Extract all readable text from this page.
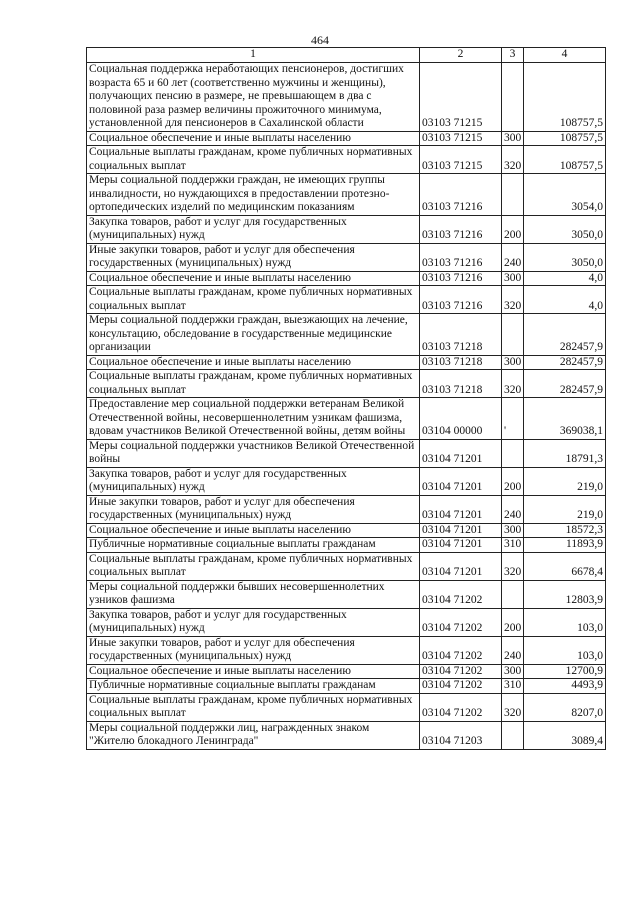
464
1	2	3	4
Социальная поддержка неработающих пенсионеров, достигших возраста 65 и 60 лет (соответственно мужчины и женщины), получающих пенсию в размере, не превышающем в два с половиной раза размер величины прожиточного минимума, установленной для пенсионеров в Сахалинской области	03103 71215		108757,5
Социальное обеспечение и иные выплаты населению	03103 71215	300	108757,5
Социальные выплаты гражданам, кроме публичных нормативных социальных выплат	03103 71215	320	108757,5
Меры социальной поддержки граждан, не имеющих группы инвалидности, но нуждающихся в предоставлении протезно-ортопедических изделий по медицинским показаниям	03103 71216		3054,0
Закупка товаров, работ и услуг для государственных (муниципальных) нужд	03103 71216	200	3050,0
Иные закупки товаров, работ и услуг для обеспечения государственных (муниципальных) нужд	03103 71216	240	3050,0
Социальное обеспечение и иные выплаты населению	03103 71216	300	4,0
Социальные выплаты гражданам, кроме публичных нормативных социальных выплат	03103 71216	320	4,0
Меры социальной поддержки граждан, выезжающих на лечение, консультацию, обследование в государственные медицинские организации	03103 71218		282457,9
Социальное обеспечение и иные выплаты населению	03103 71218	300	282457,9
Социальные выплаты гражданам, кроме публичных нормативных социальных выплат	03103 71218	320	282457,9
Предоставление мер социальной поддержки ветеранам Великой Отечественной войны, несовершеннолетним узникам фашизма, вдовам участников Великой Отечественной войны, детям войны	03104 00000	'	369038,1
Меры социальной поддержки участников Великой Отечественной войны	03104 71201		18791,3
Закупка товаров, работ и услуг для государственных (муниципальных) нужд	03104 71201	200	219,0
Иные закупки товаров, работ и услуг для обеспечения государственных (муниципальных) нужд	03104 71201	240	219,0
Социальное обеспечение и иные выплаты населению	03104 71201	300	18572,3
Публичные нормативные социальные выплаты гражданам	03104 71201	310	11893,9
Социальные выплаты гражданам, кроме публичных нормативных социальных выплат	03104 71201	320	6678,4
Меры социальной поддержки бывших несовершеннолетних узников фашизма	03104 71202		12803,9
Закупка товаров, работ и услуг для государственных (муниципальных) нужд	03104 71202	200	103,0
Иные закупки товаров, работ и услуг для обеспечения государственных (муниципальных) нужд	03104 71202	240	103,0
Социальное обеспечение и иные выплаты населению	03104 71202	300	12700,9
Публичные нормативные социальные выплаты гражданам	03104 71202	310	4493,9
Социальные выплаты гражданам, кроме публичных нормативных социальных выплат	03104 71202	320	8207,0
Меры социальной поддержки лиц, награжденных знаком "Жителю блокадного Ленинграда"	03104 71203		3089,4
